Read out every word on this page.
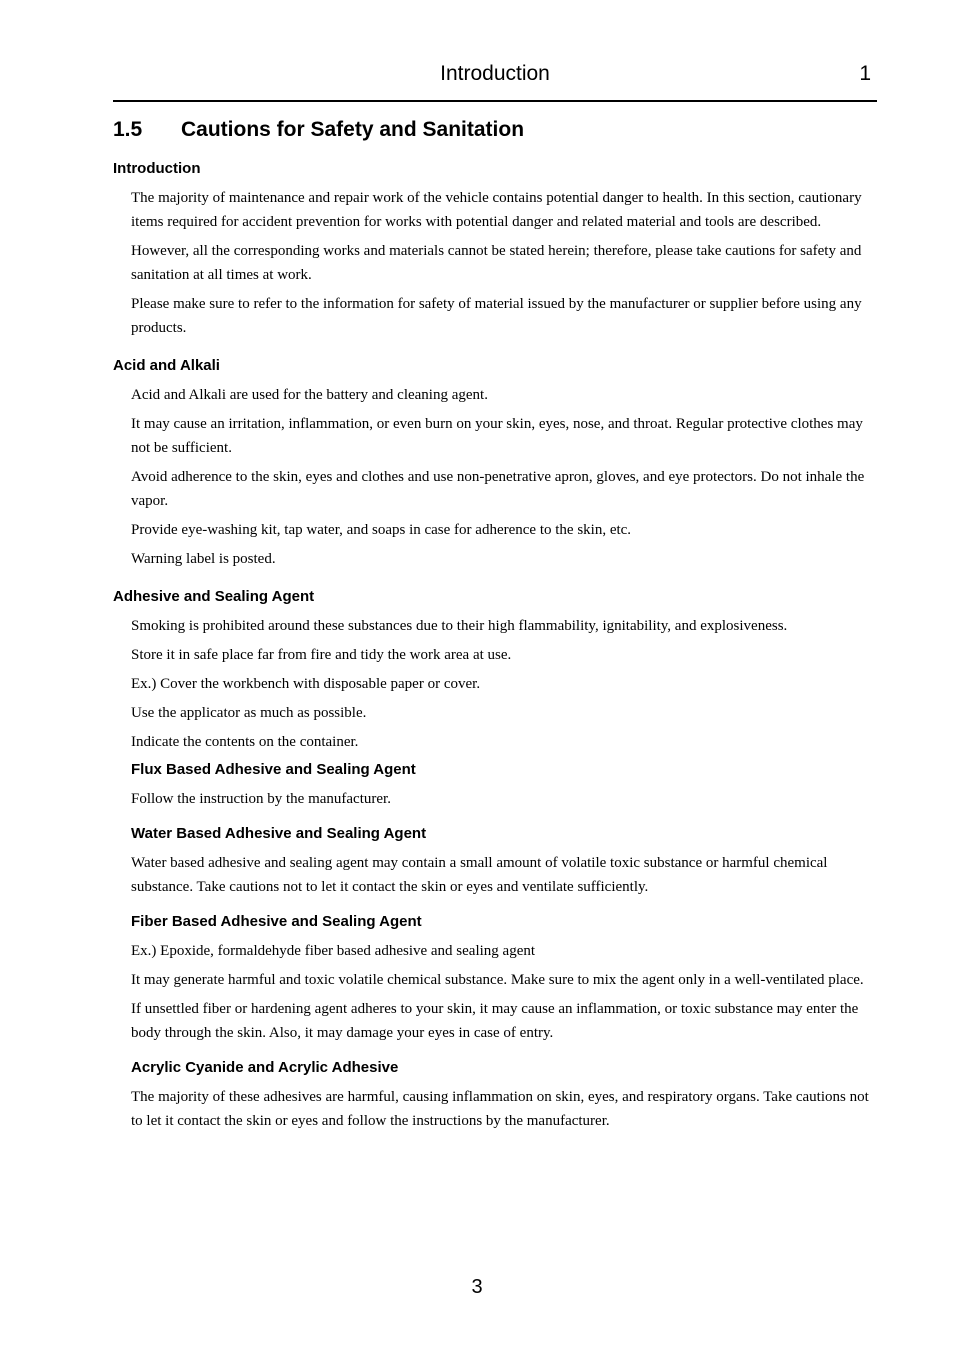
Introduction	1
1.5 Cautions for Safety and Sanitation
Introduction

The majority of maintenance and repair work of the vehicle contains potential danger to health. In this section, cautionary items required for accident prevention for works with potential danger and related material and tools are described.

However, all the corresponding works and materials cannot be stated herein; therefore, please take cautions for safety and sanitation at all times at work.

Please make sure to refer to the information for safety of material issued by the manufacturer or supplier before using any products.

Acid and Alkali

Acid and Alkali are used for the battery and cleaning agent.

It may cause an irritation, inflammation, or even burn on your skin, eyes, nose, and throat. Regular protective clothes may not be sufficient.

Avoid adherence to the skin, eyes and clothes and use non-penetrative apron, gloves, and eye protectors. Do not inhale the vapor.

Provide eye-washing kit, tap water, and soaps in case for adherence to the skin, etc.

Warning label is posted.

Adhesive and Sealing Agent

Smoking is prohibited around these substances due to their high flammability, ignitability, and explosiveness.

Store it in safe place far from fire and tidy the work area at use.

Ex.) Cover the workbench with disposable paper or cover.

Use the applicator as much as possible.

Indicate the contents on the container.

Flux Based Adhesive and Sealing Agent

Follow the instruction by the manufacturer.

Water Based Adhesive and Sealing Agent

Water based adhesive and sealing agent may contain a small amount of volatile toxic substance or harmful chemical substance. Take cautions not to let it contact the skin or eyes and ventilate sufficiently.

Fiber Based Adhesive and Sealing Agent

Ex.) Epoxide, formaldehyde fiber based adhesive and sealing agent

It may generate harmful and toxic volatile chemical substance. Make sure to mix the agent only in a well-ventilated place.

If unsettled fiber or hardening agent adheres to your skin, it may cause an inflammation, or toxic substance may enter the body through the skin. Also, it may damage your eyes in case of entry.

Acrylic Cyanide and Acrylic Adhesive

The majority of these adhesives are harmful, causing inflammation on skin, eyes, and respiratory organs. Take cautions not to let it contact the skin or eyes and follow the instructions by the manufacturer.

3
